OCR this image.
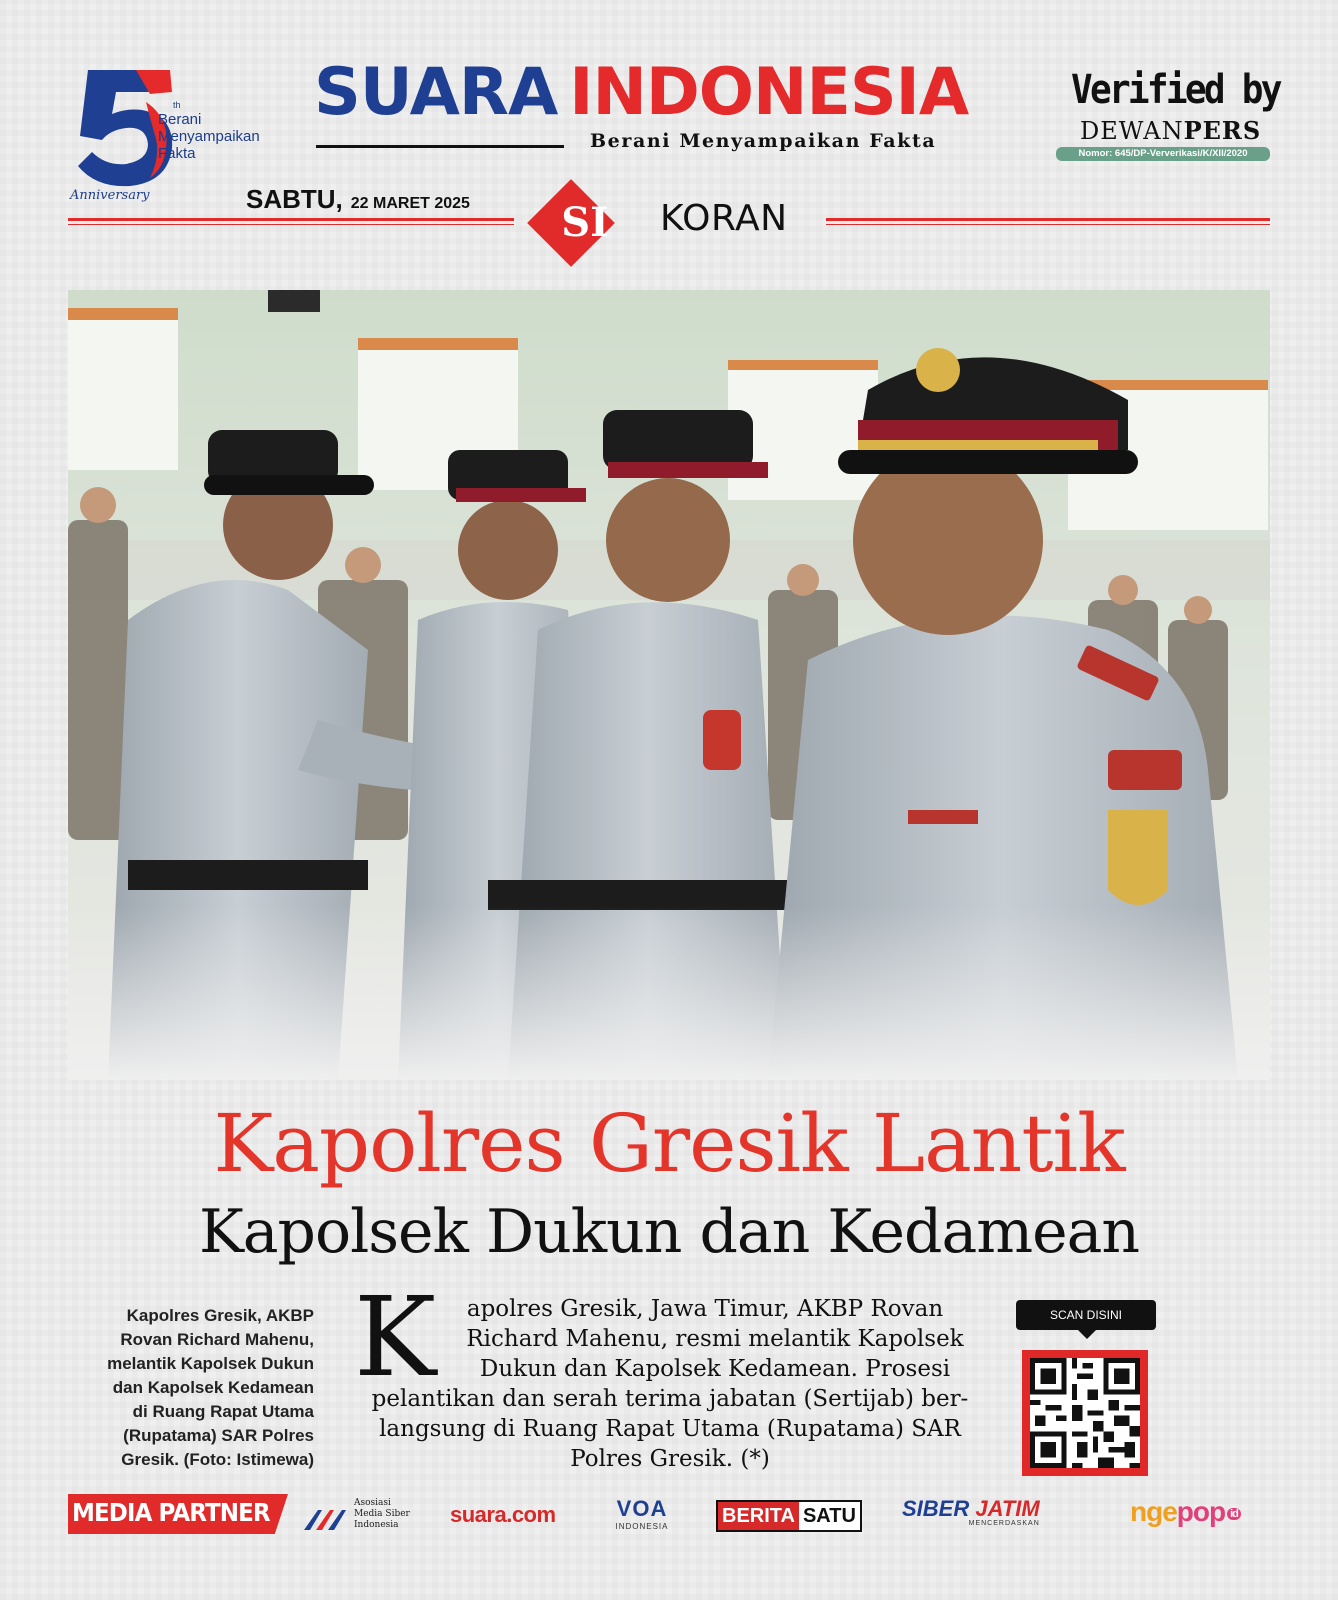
th
Berani
Menyampaikan
Fakta
Anniversary
SUARA INDONESIA
Berani Menyampaikan Fakta
Verified by
DEWANPERS
Nomor: 645/DP-Ververikasi/K/XII/2020
SABTU, 22 MARET 2025	SI	KORAN
Kapolres Gresik Lantik
Kapolsek Dukun dan Kedamean
Kapolres Gresik, AKBP
Rovan Richard Mahenu,
melantik Kapolsek Dukun
dan Kapolsek Kedamean
di Ruang Rapat Utama
(Rupatama) SAR Polres
Gresik. (Foto: Istimewa)
K	apolres Gresik, Jawa Timur, AKBP Rovan
Richard Mahenu, resmi melantik Kapolsek
Dukun dan Kapolsek Kedamean. Prosesi
pelantikan dan serah terima jabatan (Sertijab) ber-
langsung di Ruang Rapat Utama (Rupatama) SAR
Polres Gresik. (*)
SCAN DISINI
MEDIA PARTNER	Asosiasi
Media Siber
Indonesia	suara.com	VOA
INDONESIA	BERITA SATU SIBER JATIM
MENCERDASKAN	ngepop id
